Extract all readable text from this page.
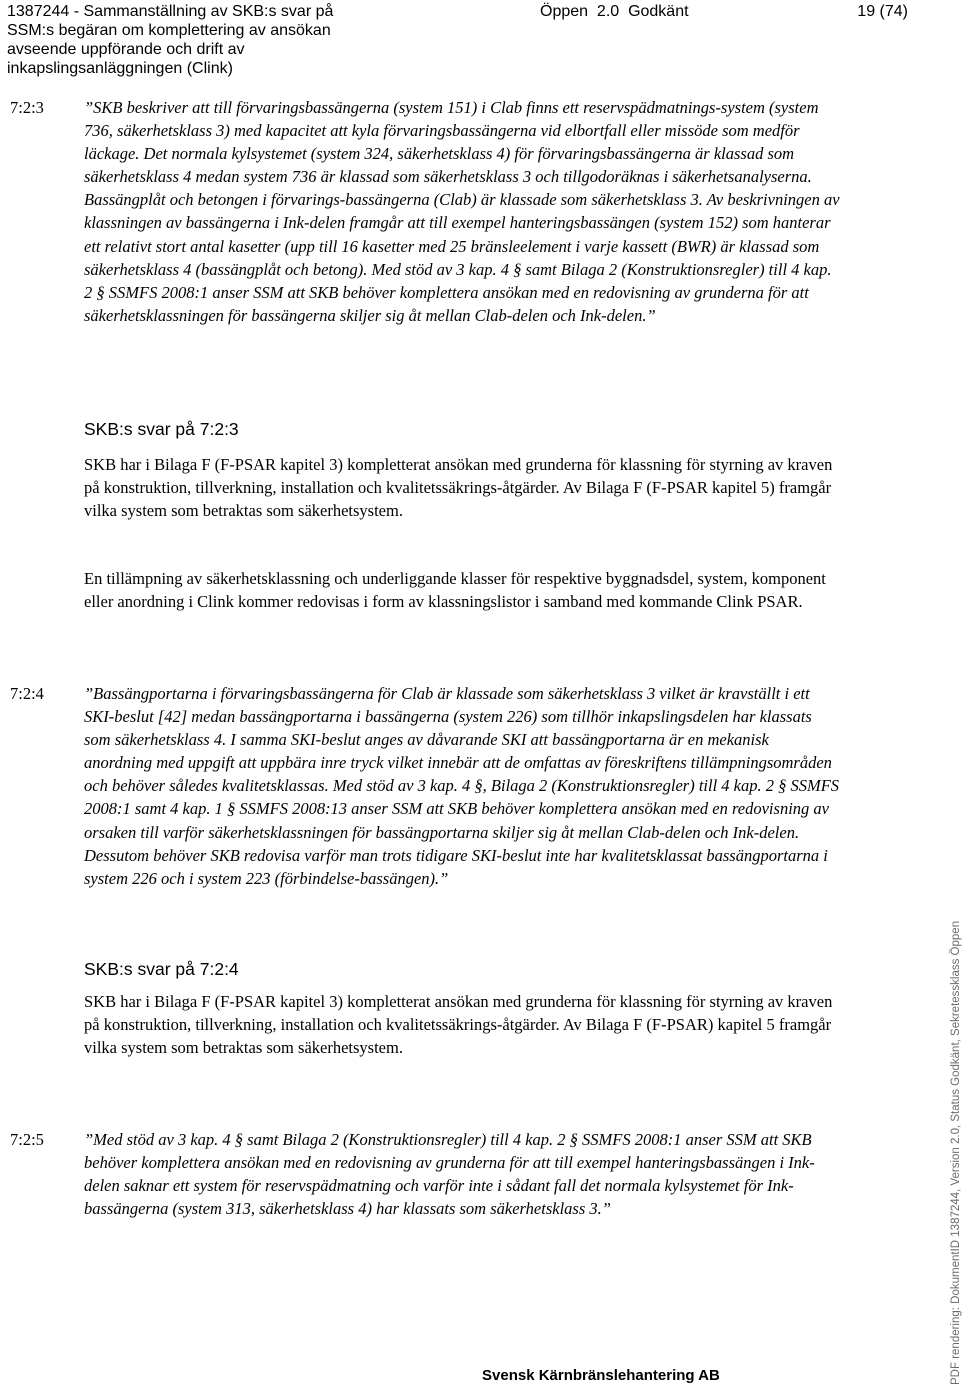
1387244 - Sammanställning av SKB:s svar på
SSM:s begäran om komplettering av ansökan
avseende uppförande och drift av
inkapslingsanläggningen (Clink)
Öppen  2.0  Godkänt	19 (74)
7:2:3 ”SKB beskriver att till förvaringsbassängerna (system 151) i Clab finns ett reservspädmatnings-system (system 736, säkerhetsklass 3) med kapacitet att kyla förvaringsbassängerna vid elbortfall eller missöde som medför läckage. Det normala kylsystemet (system 324, säkerhetsklass 4) för förvaringsbassängerna är klassad som säkerhetsklass 4 medan system 736 är klassad som säkerhetsklass 3 och tillgodoräknas i säkerhetsanalyserna. Bassängplåt och betongen i förvarings-bassängerna (Clab) är klassade som säkerhetsklass 3. Av beskrivningen av klassningen av bassängerna i Ink-delen framgår att till exempel hanteringsbassängen (system 152) som hanterar ett relativt stort antal kasetter (upp till 16 kasetter med 25 bränsleelement i varje kassett (BWR) är klassad som säkerhetsklass 4 (bassängplåt och betong). Med stöd av 3 kap. 4 § samt Bilaga 2 (Konstruktionsregler) till 4 kap. 2 § SSMFS 2008:1 anser SSM att SKB behöver komplettera ansökan med en redovisning av grunderna för att säkerhetsklassningen för bassängerna skiljer sig åt mellan Clab-delen och Ink-delen.”
SKB:s svar på 7:2:3
SKB har i Bilaga F (F-PSAR kapitel 3) kompletterat ansökan med grunderna för klassning för styrning av kraven på konstruktion, tillverkning, installation och kvalitetssäkrings-åtgärder. Av Bilaga F (F-PSAR kapitel 5) framgår vilka system som betraktas som säkerhetsystem.
En tillämpning av säkerhetsklassning och underliggande klasser för respektive byggnadsdel, system, komponent eller anordning i Clink kommer redovisas i form av klassningslistor i samband med kommande Clink PSAR.
7:2:4 ”Bassängportarna i förvaringsbassängerna för Clab är klassade som säkerhetsklass 3 vilket är kravställt i ett SKI-beslut [42] medan bassängportarna i bassängerna (system 226) som tillhör inkapslingsdelen har klassats som säkerhetsklass 4. I samma SKI-beslut anges av dåvarande SKI att bassängportarna är en mekanisk anordning med uppgift att uppbära inre tryck vilket innebär att de omfattas av föreskriftens tillämpningsområden och behöver således kvalitetsklassas. Med stöd av 3 kap. 4 §, Bilaga 2 (Konstruktionsregler) till 4 kap. 2 § SSMFS 2008:1 samt 4 kap. 1 § SSMFS 2008:13 anser SSM att SKB behöver komplettera ansökan med en redovisning av orsaken till varför säkerhetsklassningen för bassängportarna skiljer sig åt mellan Clab-delen och Ink-delen. Dessutom behöver SKB redovisa varför man trots tidigare SKI-beslut inte har kvalitetsklassat bassängportarna i system 226 och i system 223 (förbindelse-bassängen).”
SKB:s svar på 7:2:4
SKB har i Bilaga F (F-PSAR kapitel 3) kompletterat ansökan med grunderna för klassning för styrning av kraven på konstruktion, tillverkning, installation och kvalitetssäkrings-åtgärder. Av Bilaga F (F-PSAR) kapitel 5 framgår vilka system som betraktas som säkerhetsystem.
7:2:5 ”Med stöd av 3 kap. 4 § samt Bilaga 2 (Konstruktionsregler) till 4 kap. 2 § SSMFS 2008:1 anser SSM att SKB behöver komplettera ansökan med en redovisning av grunderna för att till exempel hanteringsbassängen i Ink-delen saknar ett system för reservspädmatning och varför inte i sådant fall det normala kylsystemet för Ink-bassängerna (system 313, säkerhetsklass 4) har klassats som säkerhetsklass 3.”
Svensk Kärnbränslehantering AB	PDF rendering: DokumentID 1387244, Version 2.0, Status Godkänt, Sekretessklass Öppen
